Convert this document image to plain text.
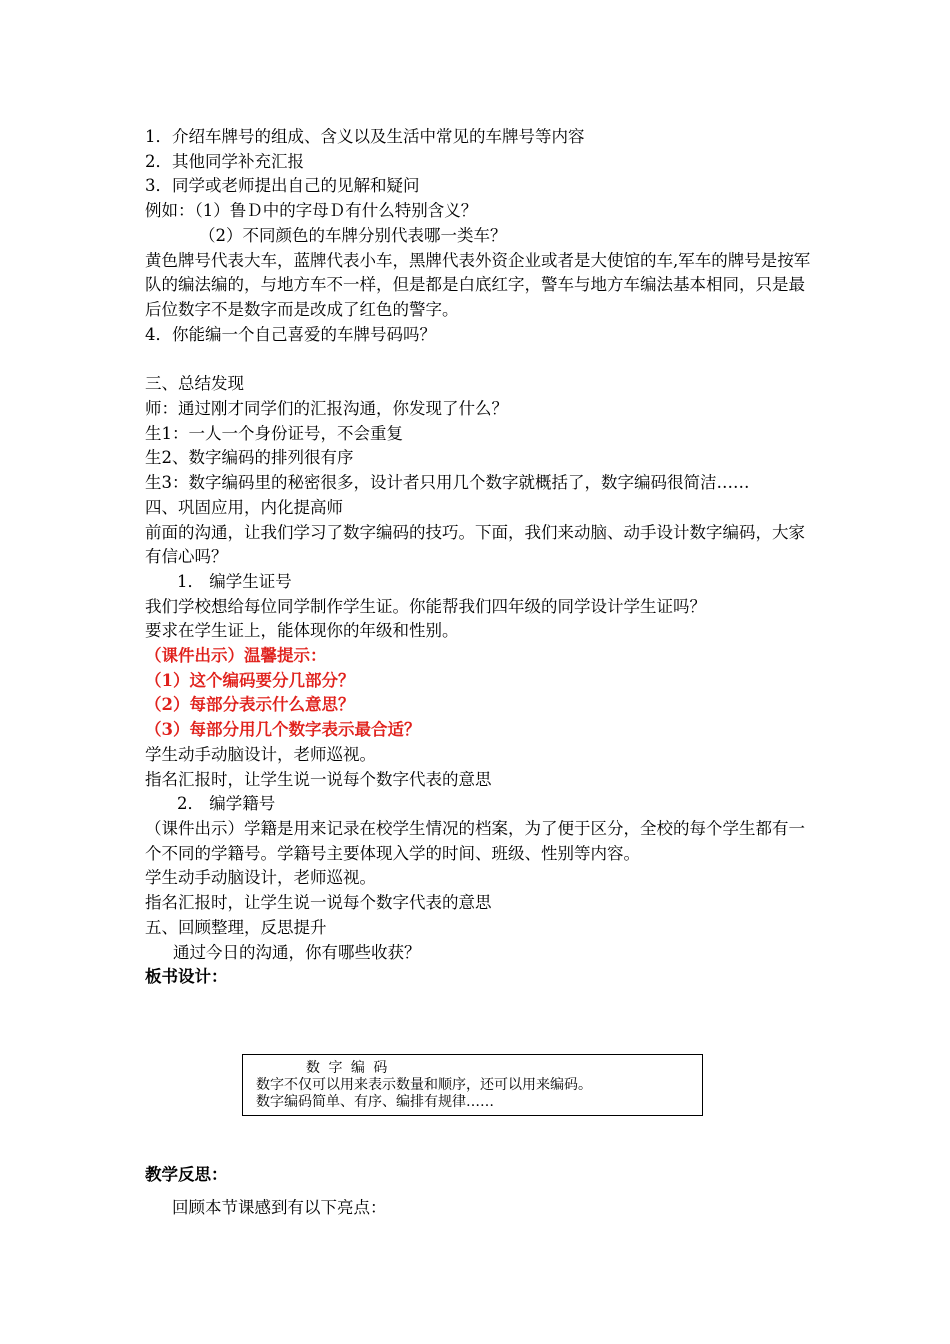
1．介绍车牌号的组成、含义以及生活中常见的车牌号等内容

2．其他同学补充汇报

3．同学或老师提出自己的见解和疑问

例如：（1）鲁Ｄ中的字母Ｄ有什么特别含义？

（2）不同颜色的车牌分别代表哪一类车？

黄色牌号代表大车，蓝牌代表小车，黑牌代表外资企业或者是大使馆的车,军车的牌号是按军队的编法编的，与地方车不一样，但是都是白底红字，警车与地方车编法基本相同，只是最后位数字不是数字而是改成了红色的警字。

4．你能编一个自己喜爱的车牌号码吗？

三、总结发现

师：通过刚才同学们的汇报沟通，你发现了什么？

生1：一人一个身份证号，不会重复

生2、数字编码的排列很有序

生3：数字编码里的秘密很多，设计者只用几个数字就概括了，数字编码很简洁……

四、巩固应用，内化提高师

前面的沟通，让我们学习了数字编码的技巧。下面，我们来动脑、动手设计数字编码，大家有信心吗？

1． 编学生证号

我们学校想给每位同学制作学生证。你能帮我们四年级的同学设计学生证吗？

要求在学生证上，能体现你的年级和性别。

（课件出示）温馨提示：

（1）这个编码要分几部分？

（2）每部分表示什么意思？

（3）每部分用几个数字表示最合适？

学生动手动脑设计，老师巡视。

指名汇报时，让学生说一说每个数字代表的意思

2． 编学籍号

（课件出示）学籍是用来记录在校学生情况的档案，为了便于区分，全校的每个学生都有一个不同的学籍号。学籍号主要体现入学的时间、班级、性别等内容。

学生动手动脑设计，老师巡视。

指名汇报时，让学生说一说每个数字代表的意思

五、回顾整理，反思提升

通过今日的沟通，你有哪些收获？

板书设计：

数 字 编 码
数字不仅可以用来表示数量和顺序，还可以用来编码。
数字编码简单、有序、编排有规律……

教学反思：

回顾本节课感到有以下亮点：
